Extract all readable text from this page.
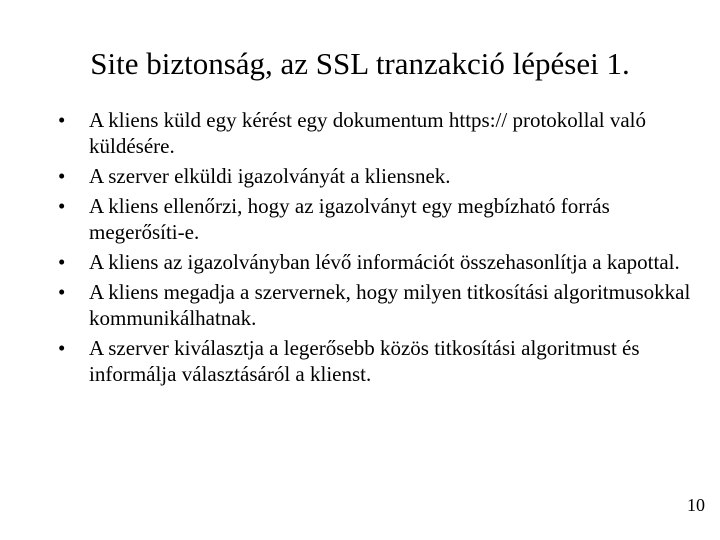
Site biztonság, az SSL tranzakció lépései 1.
•	A kliens küld egy kérést egy dokumentum https:// protokollal való küldésére.
•	A szerver elküldi igazolványát a kliensnek.
•	A kliens ellenőrzi, hogy az igazolványt egy megbízható forrás megerősíti-e.
•	A kliens az igazolványban lévő információt összehasonlítja a kapottal.
•	A kliens megadja a szervernek, hogy milyen titkosítási algoritmusokkal kommunikálhatnak.
•	A szerver kiválasztja a legerősebb közös titkosítási algoritmust és informálja választásáról a klienst.
10
